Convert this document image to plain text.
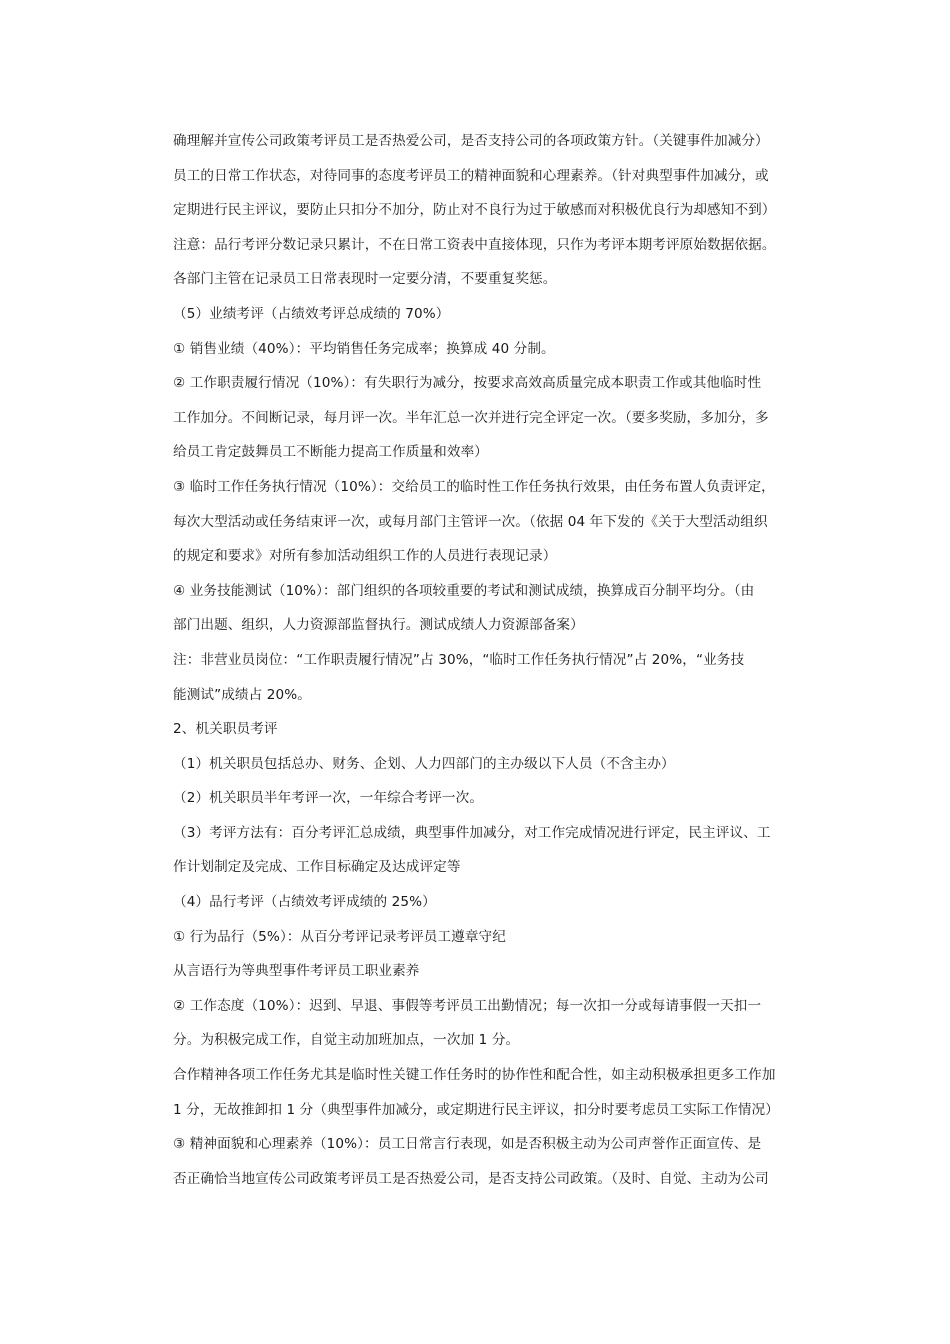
确理解并宣传公司政策考评员工是否热爱公司，是否支持公司的各项政策方针。（关键事件加减分）
员工的日常工作状态，对待同事的态度考评员工的精神面貌和心理素养。（针对典型事件加减分，或
定期进行民主评议，要防止只扣分不加分，防止对不良行为过于敏感而对积极优良行为却感知不到）
注意：品行考评分数记录只累计，不在日常工资表中直接体现，只作为考评本期考评原始数据依据。
各部门主管在记录员工日常表现时一定要分清，不要重复奖惩。
（5）业绩考评（占绩效考评总成绩的 70%）
① 销售业绩（40%）：平均销售任务完成率；换算成 40 分制。
② 工作职责履行情况（10%）：有失职行为减分，按要求高效高质量完成本职责工作或其他临时性
工作加分。不间断记录，每月评一次。半年汇总一次并进行完全评定一次。（要多奖励，多加分，多
给员工肯定鼓舞员工不断能力提高工作质量和效率）
③ 临时工作任务执行情况（10%）：交给员工的临时性工作任务执行效果，由任务布置人负责评定，
每次大型活动或任务结束评一次，或每月部门主管评一次。（依据 04 年下发的《关于大型活动组织
的规定和要求》对所有参加活动组织工作的人员进行表现记录）
④ 业务技能测试（10%）：部门组织的各项较重要的考试和测试成绩，换算成百分制平均分。（由
部门出题、组织，人力资源部监督执行。测试成绩人力资源部备案）
注：非营业员岗位：“工作职责履行情况”占 30%，“临时工作任务执行情况”占 20%，“业务技
能测试”成绩占 20%。
2、机关职员考评
（1）机关职员包括总办、财务、企划、人力四部门的主办级以下人员（不含主办）
（2）机关职员半年考评一次，一年综合考评一次。
（3）考评方法有：百分考评汇总成绩，典型事件加减分，对工作完成情况进行评定，民主评议、工
作计划制定及完成、工作目标确定及达成评定等
（4）品行考评（占绩效考评成绩的 25%）
① 行为品行（5%）：从百分考评记录考评员工遵章守纪
从言语行为等典型事件考评员工职业素养
② 工作态度（10%）：迟到、早退、事假等考评员工出勤情况；每一次扣一分或每请事假一天扣一
分。为积极完成工作，自觉主动加班加点，一次加 1 分。
合作精神各项工作任务尤其是临时性关键工作任务时的协作性和配合性，如主动积极承担更多工作加
1 分，无故推卸扣 1 分（典型事件加减分，或定期进行民主评议，扣分时要考虑员工实际工作情况）
③ 精神面貌和心理素养（10%）：员工日常言行表现，如是否积极主动为公司声誉作正面宣传、是
否正确恰当地宣传公司政策考评员工是否热爱公司，是否支持公司政策。（及时、自觉、主动为公司
